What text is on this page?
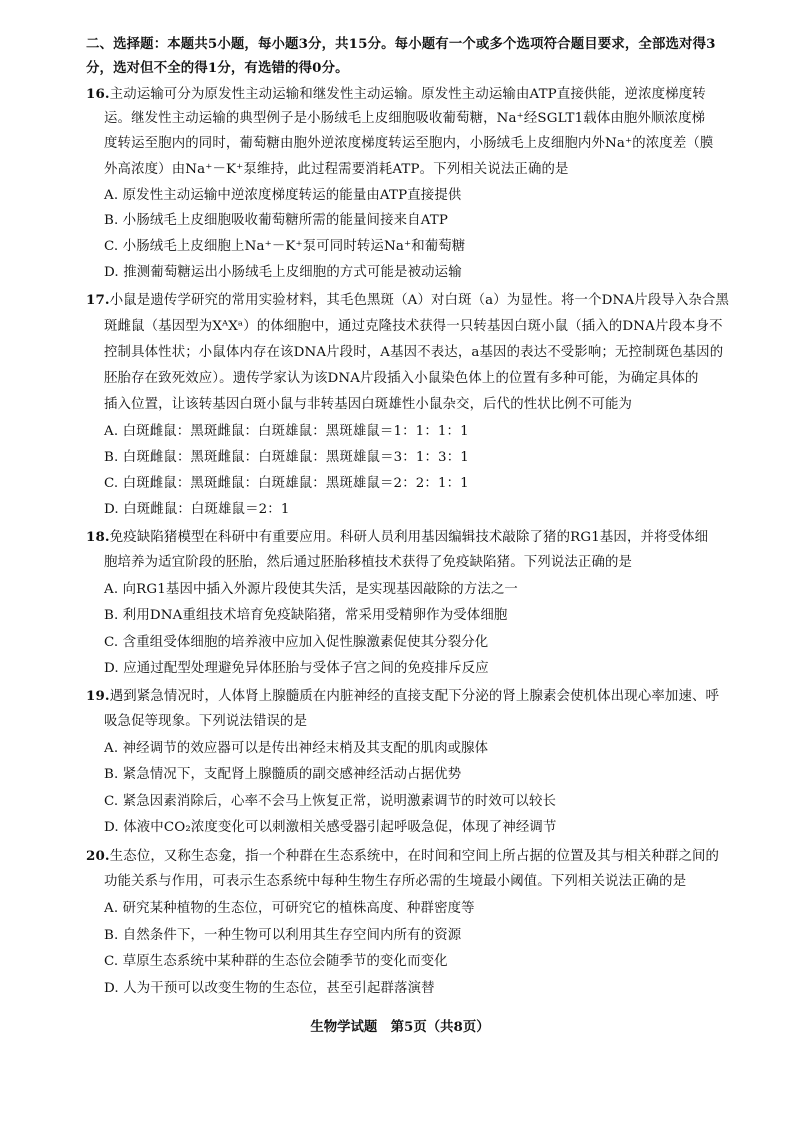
二、选择题：本题共5小题，每小题3分，共15分。每小题有一个或多个选项符合题目要求，全部选对得3
分，选对但不全的得1分，有选错的得0分。
16.主动运输可分为原发性主动运输和继发性主动运输。原发性主动运输由ATP直接供能，逆浓度梯度转
运。继发性主动运输的典型例子是小肠绒毛上皮细胞吸收葡萄糖，Na⁺经SGLT1载体由胞外顺浓度梯
度转运至胞内的同时，葡萄糖由胞外逆浓度梯度转运至胞内，小肠绒毛上皮细胞内外Na⁺的浓度差（膜
外高浓度）由Na⁺－K⁺泵维持，此过程需要消耗ATP。下列相关说法正确的是
A. 原发性主动运输中逆浓度梯度转运的能量由ATP直接提供
B. 小肠绒毛上皮细胞吸收葡萄糖所需的能量间接来自ATP
C. 小肠绒毛上皮细胞上Na⁺－K⁺泵可同时转运Na⁺和葡萄糖
D. 推测葡萄糖运出小肠绒毛上皮细胞的方式可能是被动运输
17.小鼠是遗传学研究的常用实验材料，其毛色黑斑（A）对白斑（a）为显性。将一个DNA片段导入杂合黑
斑雌鼠（基因型为XᴬXᵃ）的体细胞中，通过克隆技术获得一只转基因白斑小鼠（插入的DNA片段本身不
控制具体性状；小鼠体内存在该DNA片段时，A基因不表达，a基因的表达不受影响；无控制斑色基因的
胚胎存在致死效应）。遗传学家认为该DNA片段插入小鼠染色体上的位置有多种可能，为确定具体的
插入位置，让该转基因白斑小鼠与非转基因白斑雄性小鼠杂交，后代的性状比例不可能为
A. 白斑雌鼠：黑斑雌鼠：白斑雄鼠：黑斑雄鼠＝1：1：1：1
B. 白斑雌鼠：黑斑雌鼠：白斑雄鼠：黑斑雄鼠＝3：1：3：1
C. 白斑雌鼠：黑斑雌鼠：白斑雄鼠：黑斑雄鼠＝2：2：1：1
D. 白斑雌鼠：白斑雄鼠＝2：1
18.免疫缺陷猪模型在科研中有重要应用。科研人员利用基因编辑技术敲除了猪的RG1基因，并将受体细
胞培养为适宜阶段的胚胎，然后通过胚胎移植技术获得了免疫缺陷猪。下列说法正确的是
A. 向RG1基因中插入外源片段使其失活，是实现基因敲除的方法之一
B. 利用DNA重组技术培育免疫缺陷猪，常采用受精卵作为受体细胞
C. 含重组受体细胞的培养液中应加入促性腺激素促使其分裂分化
D. 应通过配型处理避免异体胚胎与受体子宫之间的免疫排斥反应
19.遇到紧急情况时，人体肾上腺髓质在内脏神经的直接支配下分泌的肾上腺素会使机体出现心率加速、呼
吸急促等现象。下列说法错误的是
A. 神经调节的效应器可以是传出神经末梢及其支配的肌肉或腺体
B. 紧急情况下，支配肾上腺髓质的副交感神经活动占据优势
C. 紧急因素消除后，心率不会马上恢复正常，说明激素调节的时效可以较长
D. 体液中CO₂浓度变化可以刺激相关感受器引起呼吸急促，体现了神经调节
20.生态位，又称生态龛，指一个种群在生态系统中，在时间和空间上所占据的位置及其与相关种群之间的
功能关系与作用，可表示生态系统中每种生物生存所必需的生境最小阈值。下列相关说法正确的是
A. 研究某种植物的生态位，可研究它的植株高度、种群密度等
B. 自然条件下，一种生物可以利用其生存空间内所有的资源
C. 草原生态系统中某种群的生态位会随季节的变化而变化
D. 人为干预可以改变生物的生态位，甚至引起群落演替
生物学试题　第5页（共8页）
